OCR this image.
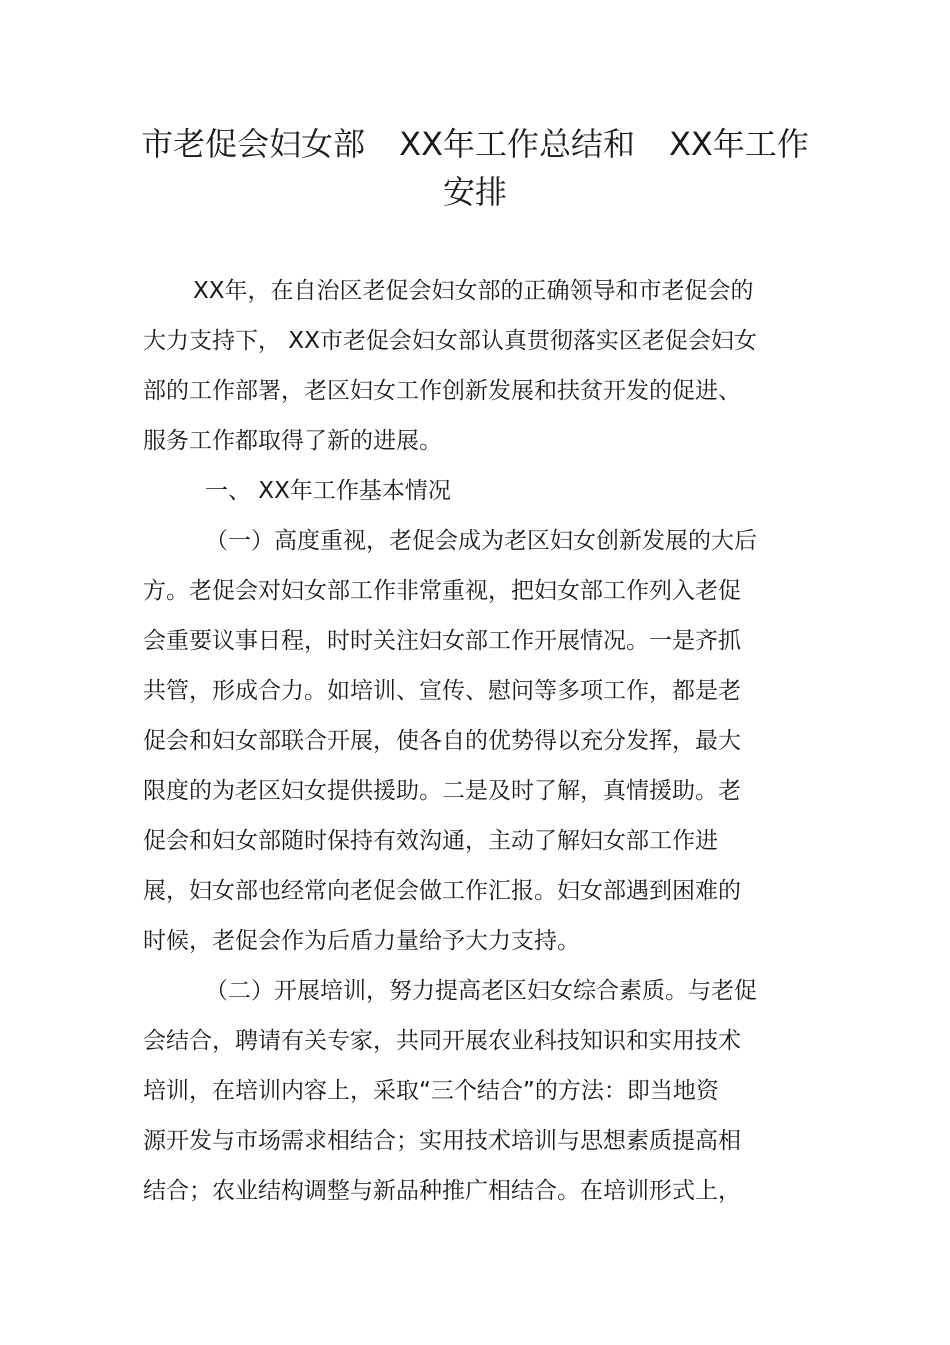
市老促会妇女部 XX年工作总结和 XX年工作
安排
XX年，在自治区老促会妇女部的正确领导和市老促会的
大力支持下， XX市老促会妇女部认真贯彻落实区老促会妇女
部的工作部署，老区妇女工作创新发展和扶贫开发的促进、
服务工作都取得了新的进展。
一、 XX年工作基本情况
（一）高度重视，老促会成为老区妇女创新发展的大后
方。老促会对妇女部工作非常重视，把妇女部工作列入老促
会重要议事日程，时时关注妇女部工作开展情况。一是齐抓
共管，形成合力。如培训、宣传、慰问等多项工作，都是老
促会和妇女部联合开展，使各自的优势得以充分发挥，最大
限度的为老区妇女提供援助。二是及时了解，真情援助。老
促会和妇女部随时保持有效沟通，主动了解妇女部工作进
展，妇女部也经常向老促会做工作汇报。妇女部遇到困难的
时候，老促会作为后盾力量给予大力支持。
（二）开展培训，努力提高老区妇女综合素质。与老促
会结合，聘请有关专家，共同开展农业科技知识和实用技术
培训，在培训内容上，采取“三个结合”的方法：即当地资
源开发与市场需求相结合；实用技术培训与思想素质提高相
结合；农业结构调整与新品种推广相结合。在培训形式上，
